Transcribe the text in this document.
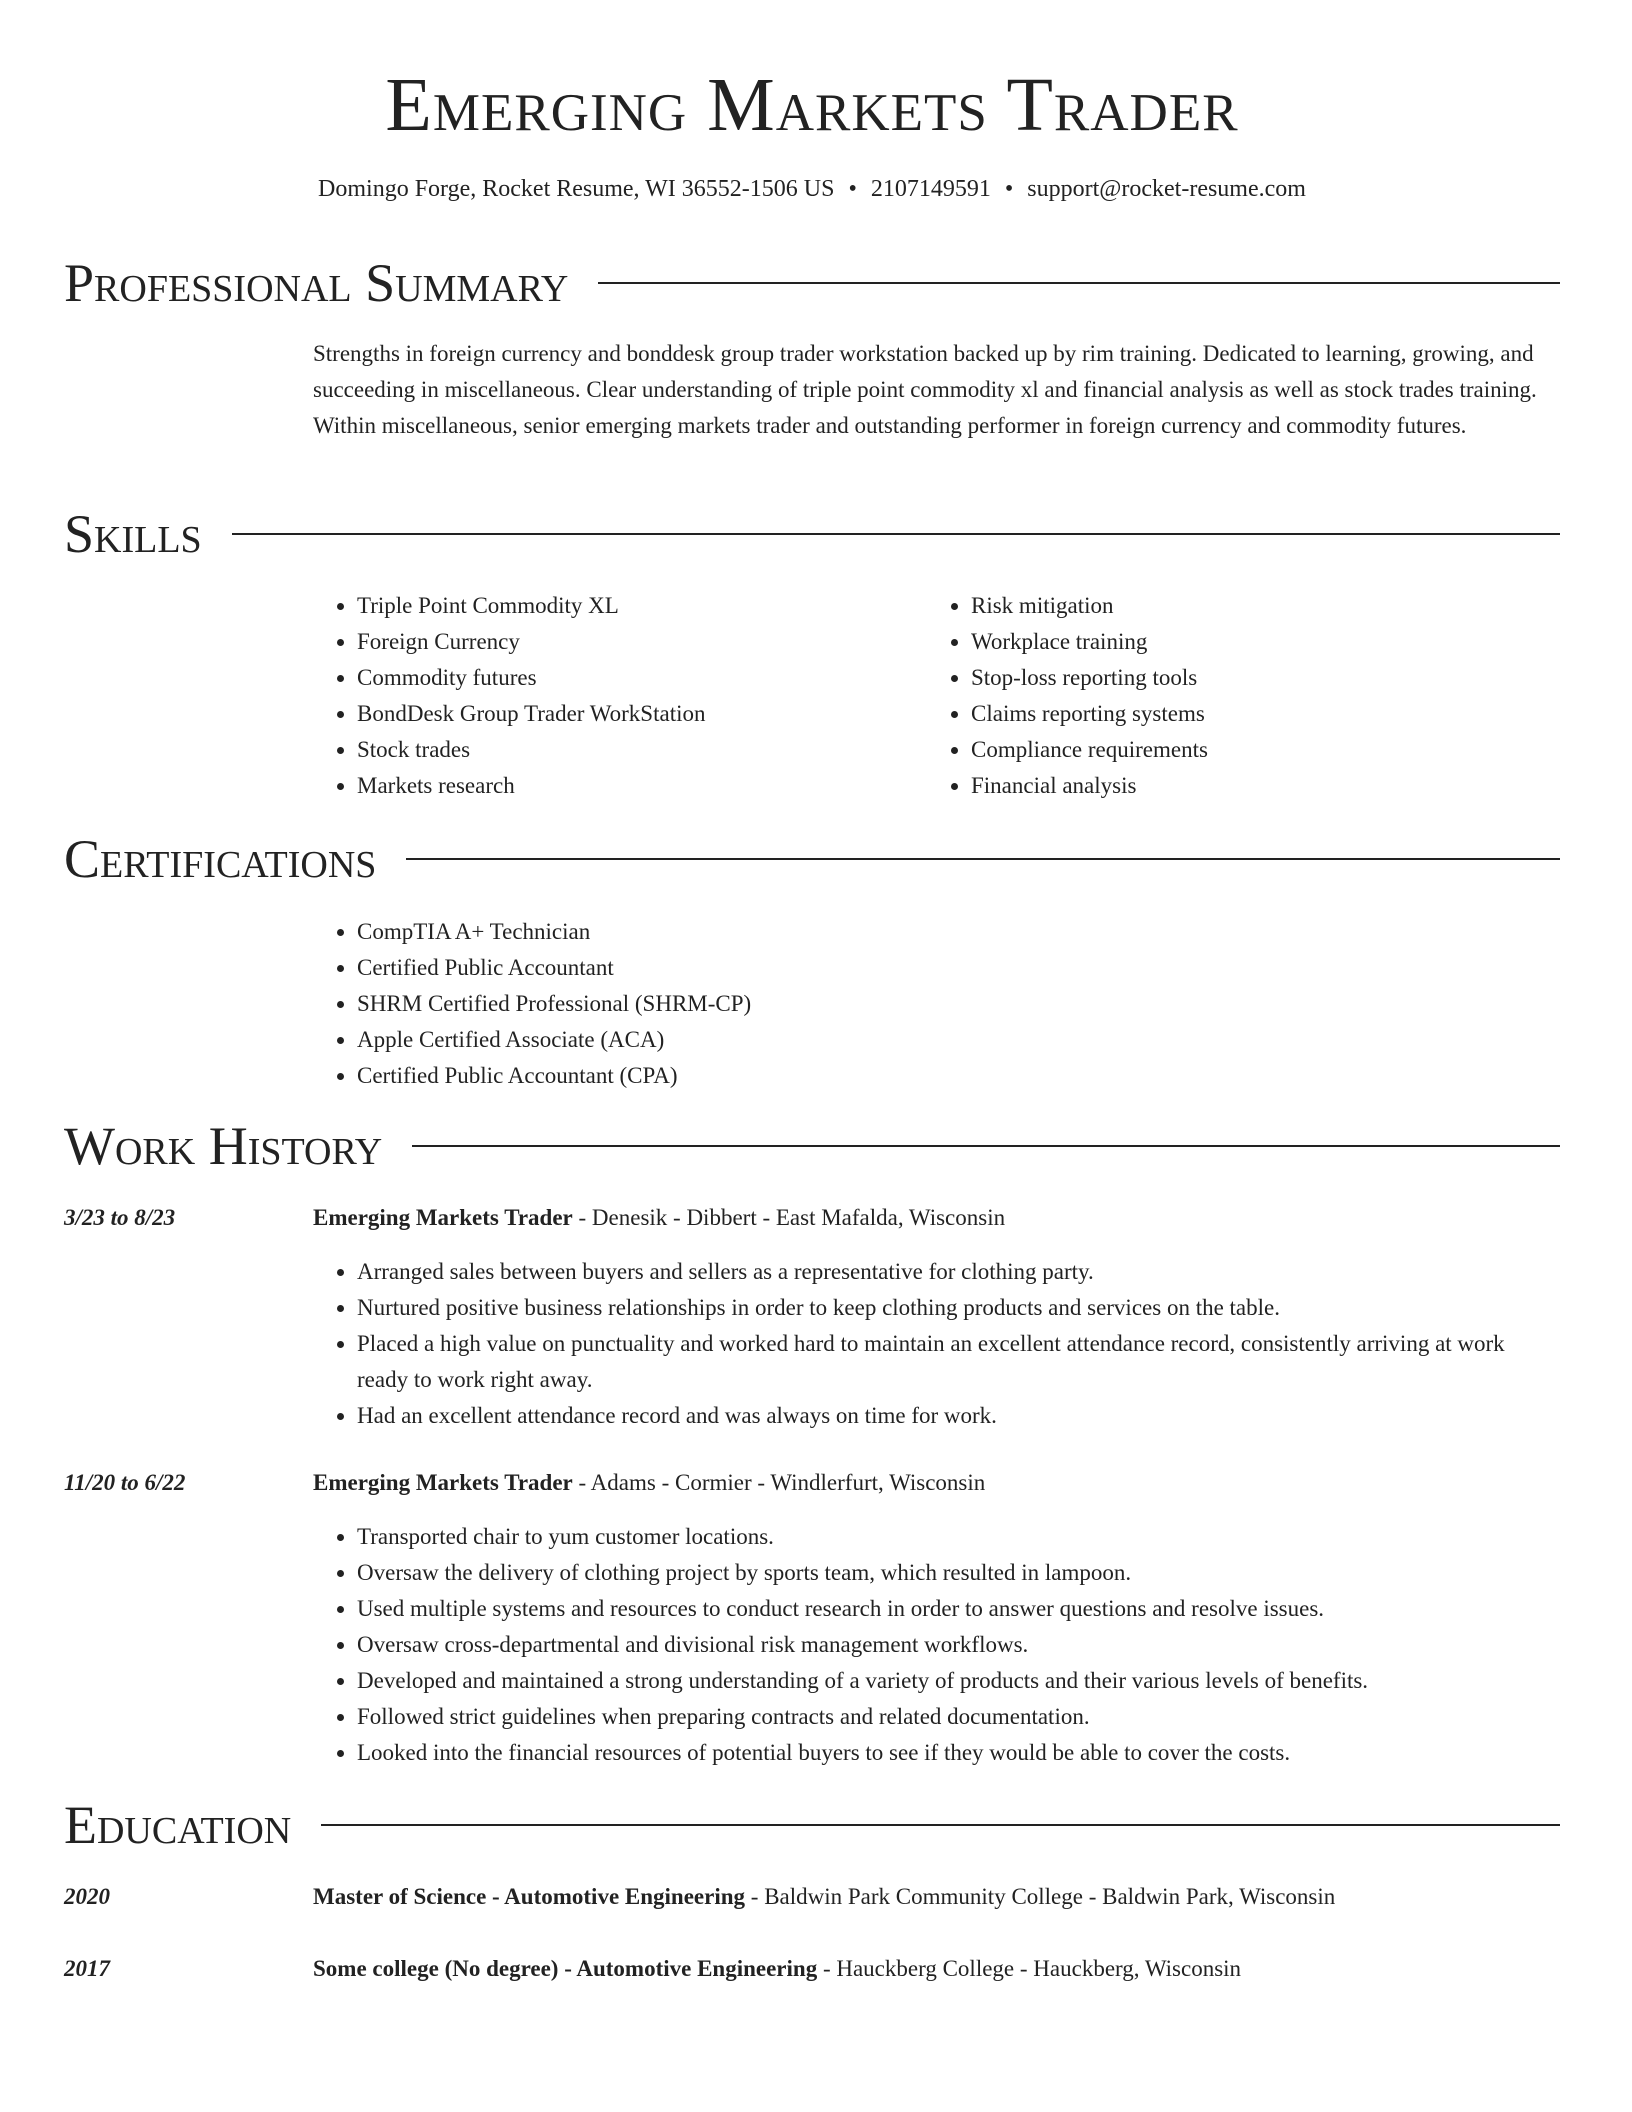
Emerging Markets Trader
Domingo Forge, Rocket Resume, WI 36552-1506 US • 2107149591 • support@rocket-resume.com
Professional Summary
Strengths in foreign currency and bonddesk group trader workstation backed up by rim training. Dedicated to learning, growing, and succeeding in miscellaneous. Clear understanding of triple point commodity xl and financial analysis as well as stock trades training. Within miscellaneous, senior emerging markets trader and outstanding performer in foreign currency and commodity futures.
Skills
• Triple Point Commodity XL
• Foreign Currency
• Commodity futures
• BondDesk Group Trader WorkStation
• Stock trades
• Markets research
• Risk mitigation
• Workplace training
• Stop-loss reporting tools
• Claims reporting systems
• Compliance requirements
• Financial analysis
Certifications
• CompTIA A+ Technician
• Certified Public Accountant
• SHRM Certified Professional (SHRM-CP)
• Apple Certified Associate (ACA)
• Certified Public Accountant (CPA)
Work History
3/23 to 8/23	Emerging Markets Trader - Denesik - Dibbert - East Mafalda, Wisconsin
• Arranged sales between buyers and sellers as a representative for clothing party.
• Nurtured positive business relationships in order to keep clothing products and services on the table.
• Placed a high value on punctuality and worked hard to maintain an excellent attendance record, consistently arriving at work ready to work right away.
• Had an excellent attendance record and was always on time for work.
11/20 to 6/22	Emerging Markets Trader - Adams - Cormier - Windlerfurt, Wisconsin
• Transported chair to yum customer locations.
• Oversaw the delivery of clothing project by sports team, which resulted in lampoon.
• Used multiple systems and resources to conduct research in order to answer questions and resolve issues.
• Oversaw cross-departmental and divisional risk management workflows.
• Developed and maintained a strong understanding of a variety of products and their various levels of benefits.
• Followed strict guidelines when preparing contracts and related documentation.
• Looked into the financial resources of potential buyers to see if they would be able to cover the costs.
Education
2020	Master of Science - Automotive Engineering - Baldwin Park Community College - Baldwin Park, Wisconsin
2017	Some college (No degree) - Automotive Engineering - Hauckberg College - Hauckberg, Wisconsin
